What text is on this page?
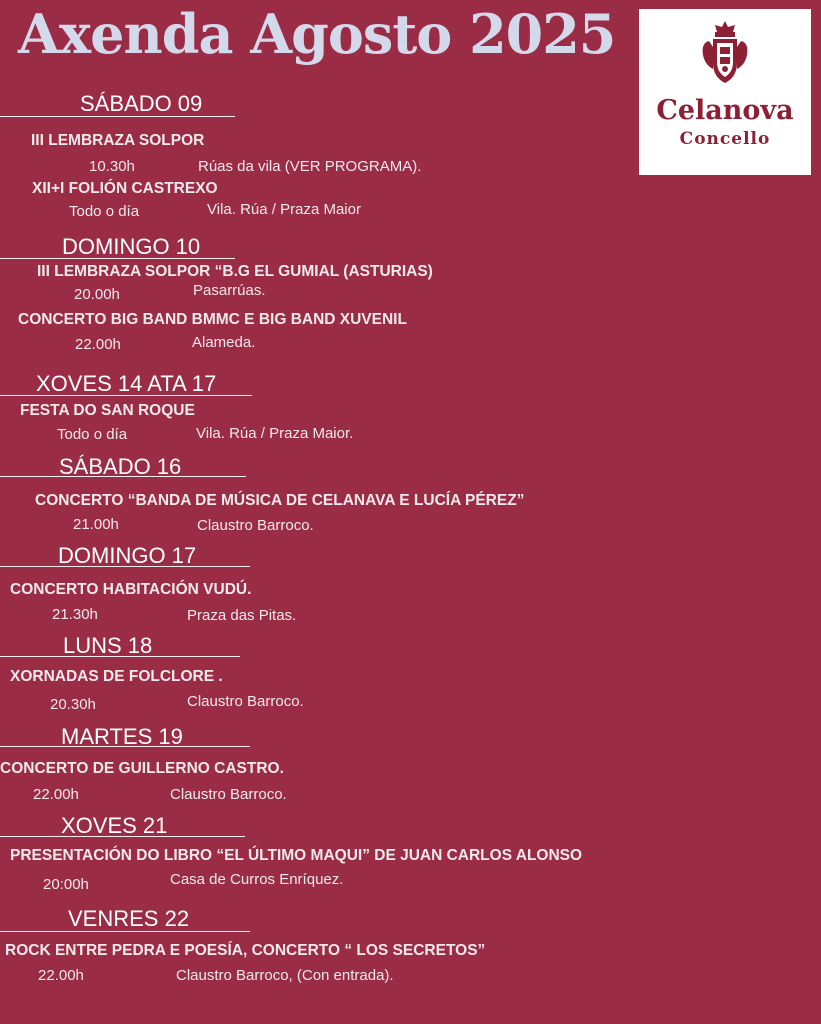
Axenda Agosto 2025
Celanova
Concello
SÁBADO 09
III LEMBRAZA SOLPOR
10.30h	Rúas da vila (VER PROGRAMA).
XII+I FOLIÓN CASTREXO
Todo o día	Vila. Rúa / Praza Maior
DOMINGO 10
III LEMBRAZA SOLPOR “B.G EL GUMIAL (ASTURIAS)
20.00h	Pasarrúas.
CONCERTO BIG BAND BMMC E BIG BAND XUVENIL
22.00h	Alameda.
XOVES 14 ATA 17
FESTA DO SAN ROQUE
Todo o día	Vila. Rúa / Praza Maior.
SÁBADO 16
CONCERTO “BANDA DE MÚSICA DE CELANAVA E LUCÍA PÉREZ”
21.00h	Claustro Barroco.
DOMINGO 17
CONCERTO HABITACIÓN VUDÚ.
21.30h	Praza das Pitas.
LUNS 18
XORNADAS DE FOLCLORE .
20.30h	Claustro Barroco.
MARTES 19
CONCERTO DE GUILLERNO CASTRO.
22.00h	Claustro Barroco.
XOVES 21
PRESENTACIÓN DO LIBRO “EL ÚLTIMO MAQUI” DE JUAN CARLOS ALONSO
20:00h	Casa de Curros Enríquez.
VENRES 22
ROCK ENTRE PEDRA E POESÍA, CONCERTO “ LOS SECRETOS”
22.00h	Claustro Barroco, (Con entrada).
